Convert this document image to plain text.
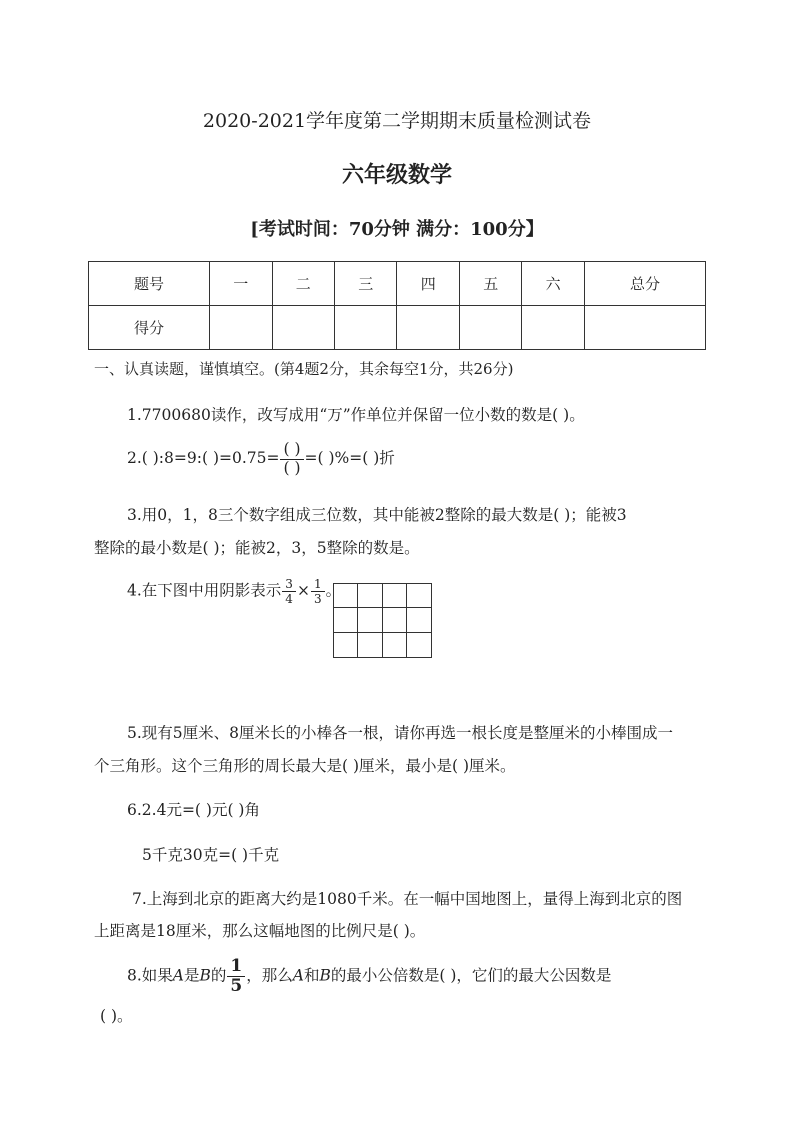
2020-2021学年度第二学期期末质量检测试卷
六年级数学
[考试时间：70分钟 满分：100分】
题号	一	二	三	四	五	六	总分
得分							
一、认真读题，谨慎填空。(第4题2分，其余每空1分，共26分)
1.7700680读作，改写成用“万”作单位并保留一位小数的数是( )。
2.( ):8=9:( )$=0.75= \frac{( )}{( )}$ =( )%=( )折
3.用0，1，8三个数字组成三位数，其中能被2整除的最大数是( )；能被3
整除的最小数是( )；能被2，3，5整除的数是。
4.在下图中用阴影表示 $\frac{3}{4} \times \frac{1}{3}$ 。
5.现有5厘米、8厘米长的小棒各一根，请你再选一根长度是整厘米的小棒围成一
个三角形。这个三角形的周长最大是( )厘米，最小是( )厘米。
6.2.4元=( )元( )角
5千克30克=( )千克
7.上海到北京的距离大约是1080千米。在一幅中国地图上，量得上海到北京的图
上距离是18厘米，那么这幅地图的比例尺是( )。
8.如果A是B的 $\frac{1}{5}$ ，那么A和B的最小公倍数是( )，它们的最大公因数是
( )。
